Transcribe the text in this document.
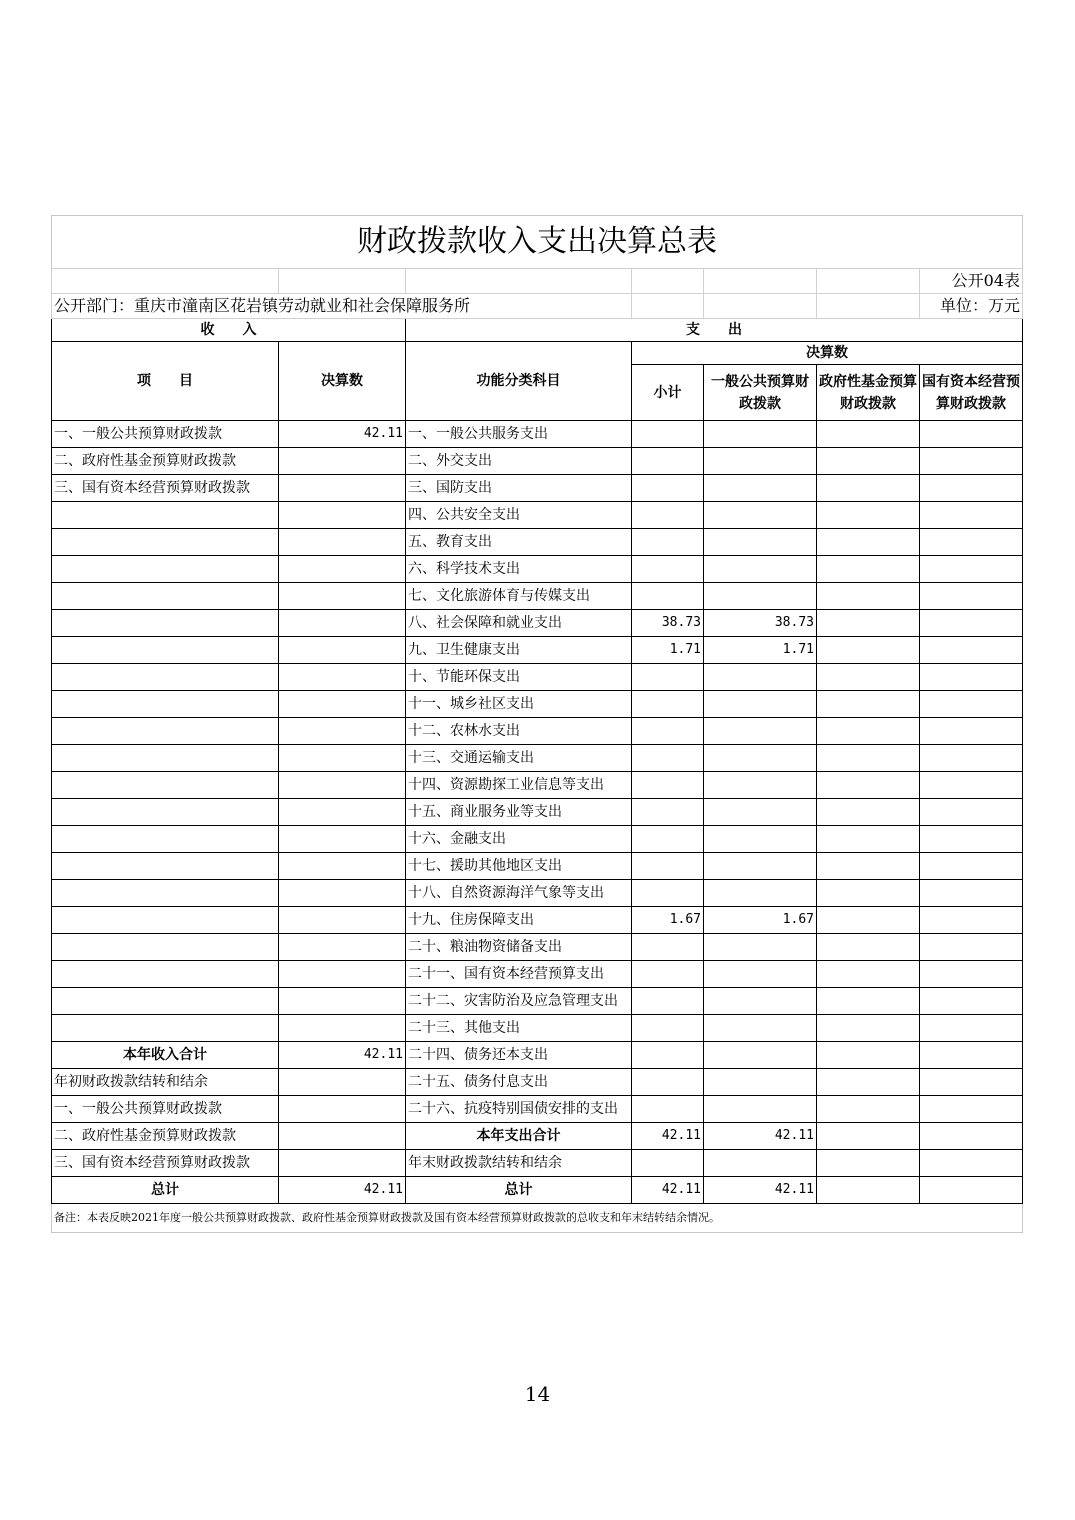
财政拨款收入支出决算总表						
						公开04表
公开部门：重庆市潼南区花岩镇劳动就业和社会保障服务所						单位：万元
收　　入		支　　出				
项　　目	决算数	功能分类科目	决算数			
			小计	一般公共预算财政拨款	政府性基金预算财政拨款	国有资本经营预算财政拨款
一、一般公共预算财政拨款	42.11	一、一般公共服务支出				
二、政府性基金预算财政拨款		二、外交支出				
三、国有资本经营预算财政拨款		三、国防支出				
		四、公共安全支出				
		五、教育支出				
		六、科学技术支出				
		七、文化旅游体育与传媒支出				
		八、社会保障和就业支出	38.73	38.73		
		九、卫生健康支出	1.71	1.71		
		十、节能环保支出				
		十一、城乡社区支出				
		十二、农林水支出				
		十三、交通运输支出				
		十四、资源勘探工业信息等支出				
		十五、商业服务业等支出				
		十六、金融支出				
		十七、援助其他地区支出				
		十八、自然资源海洋气象等支出				
		十九、住房保障支出	1.67	1.67		
		二十、粮油物资储备支出				
		二十一、国有资本经营预算支出				
		二十二、灾害防治及应急管理支出				
		二十三、其他支出				
本年收入合计	42.11	二十四、债务还本支出				
年初财政拨款结转和结余		二十五、债务付息支出				
一、一般公共预算财政拨款		二十六、抗疫特别国债安排的支出				
二、政府性基金预算财政拨款		本年支出合计	42.11	42.11		
三、国有资本经营预算财政拨款		年末财政拨款结转和结余				
总计	42.11	总计	42.11	42.11		
备注：本表反映2021年度一般公共预算财政拨款、政府性基金预算财政拨款及国有资本经营预算财政拨款的总收支和年末结转结余情况。						
14
